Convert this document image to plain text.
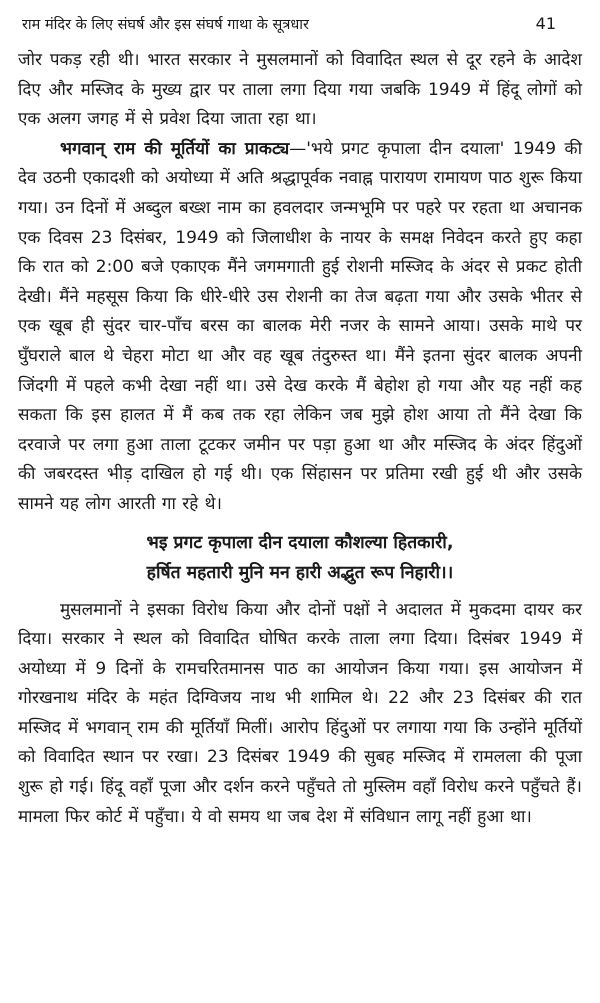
राम मंदिर के लिए संघर्ष और इस संघर्ष गाथा के सूत्रधार	41

जोर पकड़ रही थी। भारत सरकार ने मुसलमानों को विवादित स्थल से दूर रहने के आदेश दिए और मस्जिद के मुख्य द्वार पर ताला लगा दिया गया जबकि 1949 में हिंदू लोगों को एक अलग जगह में से प्रवेश दिया जाता रहा था।

भगवान् राम की मूर्तियों का प्राकट्य—'भये प्रगट कृपाला दीन दयाला' 1949 की देव उठनी एकादशी को अयोध्या में अति श्रद्धापूर्वक नवाह्न पारायण रामायण पाठ शुरू किया गया। उन दिनों में अब्दुल बख्श नाम का हवलदार जन्मभूमि पर पहरे पर रहता था अचानक एक दिवस 23 दिसंबर, 1949 को जिलाधीश के नायर के समक्ष निवेदन करते हुए कहा कि रात को 2:00 बजे एकाएक मैंने जगमगाती हुई रोशनी मस्जिद के अंदर से प्रकट होती देखी। मैंने महसूस किया कि धीरे-धीरे उस रोशनी का तेज बढ़ता गया और उसके भीतर से एक खूब ही सुंदर चार-पाँच बरस का बालक मेरी नजर के सामने आया। उसके माथे पर घुँघराले बाल थे चेहरा मोटा था और वह खूब तंदुरुस्त था। मैंने इतना सुंदर बालक अपनी जिंदगी में पहले कभी देखा नहीं था। उसे देख करके मैं बेहोश हो गया और यह नहीं कह सकता कि इस हालत में मैं कब तक रहा लेकिन जब मुझे होश आया तो मैंने देखा कि दरवाजे पर लगा हुआ ताला टूटकर जमीन पर पड़ा हुआ था और मस्जिद के अंदर हिंदुओं की जबरदस्त भीड़ दाखिल हो गई थी। एक सिंहासन पर प्रतिमा रखी हुई थी और उसके सामने यह लोग आरती गा रहे थे।

भइ प्रगट कृपाला दीन दयाला कौशल्या हितकारी,
हर्षित महतारी मुनि मन हारी अद्भुत रूप निहारी।।

मुसलमानों ने इसका विरोध किया और दोनों पक्षों ने अदालत में मुकदमा दायर कर दिया। सरकार ने स्थल को विवादित घोषित करके ताला लगा दिया। दिसंबर 1949 में अयोध्या में 9 दिनों के रामचरितमानस पाठ का आयोजन किया गया। इस आयोजन में गोरखनाथ मंदिर के महंत दिग्विजय नाथ भी शामिल थे। 22 और 23 दिसंबर की रात मस्जिद में भगवान् राम की मूर्तियाँ मिलीं। आरोप हिंदुओं पर लगाया गया कि उन्होंने मूर्तियों को विवादित स्थान पर रखा। 23 दिसंबर 1949 की सुबह मस्जिद में रामलला की पूजा शुरू हो गई। हिंदू वहाँ पूजा और दर्शन करने पहुँचते तो मुस्लिम वहाँ विरोध करने पहुँचते हैं। मामला फिर कोर्ट में पहुँचा। ये वो समय था जब देश में संविधान लागू नहीं हुआ था।
